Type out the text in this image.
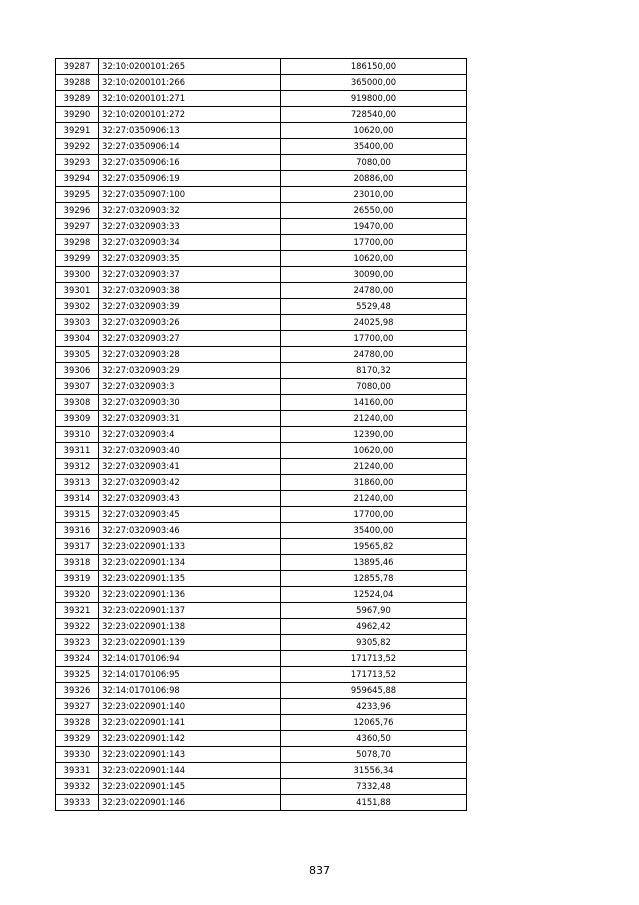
39287	32:10:0200101:265	186150,00
39288	32:10:0200101:266	365000,00
39289	32:10:0200101:271	919800,00
39290	32:10:0200101:272	728540,00
39291	32:27:0350906:13	10620,00
39292	32:27:0350906:14	35400,00
39293	32:27:0350906:16	7080,00
39294	32:27:0350906:19	20886,00
39295	32:27:0350907:100	23010,00
39296	32:27:0320903:32	26550,00
39297	32:27:0320903:33	19470,00
39298	32:27:0320903:34	17700,00
39299	32:27:0320903:35	10620,00
39300	32:27:0320903:37	30090,00
39301	32:27:0320903:38	24780,00
39302	32:27:0320903:39	5529,48
39303	32:27:0320903:26	24025,98
39304	32:27:0320903:27	17700,00
39305	32:27:0320903:28	24780,00
39306	32:27:0320903:29	8170,32
39307	32:27:0320903:3	7080,00
39308	32:27:0320903:30	14160,00
39309	32:27:0320903:31	21240,00
39310	32:27:0320903:4	12390,00
39311	32:27:0320903:40	10620,00
39312	32:27:0320903:41	21240,00
39313	32:27:0320903:42	31860,00
39314	32:27:0320903:43	21240,00
39315	32:27:0320903:45	17700,00
39316	32:27:0320903:46	35400,00
39317	32:23:0220901:133	19565,82
39318	32:23:0220901:134	13895,46
39319	32:23:0220901:135	12855,78
39320	32:23:0220901:136	12524,04
39321	32:23:0220901:137	5967,90
39322	32:23:0220901:138	4962,42
39323	32:23:0220901:139	9305,82
39324	32:14:0170106:94	171713,52
39325	32:14:0170106:95	171713,52
39326	32:14:0170106:98	959645,88
39327	32:23:0220901:140	4233,96
39328	32:23:0220901:141	12065,76
39329	32:23:0220901:142	4360,50
39330	32:23:0220901:143	5078,70
39331	32:23:0220901:144	31556,34
39332	32:23:0220901:145	7332,48
39333	32:23:0220901:146	4151,88
837
